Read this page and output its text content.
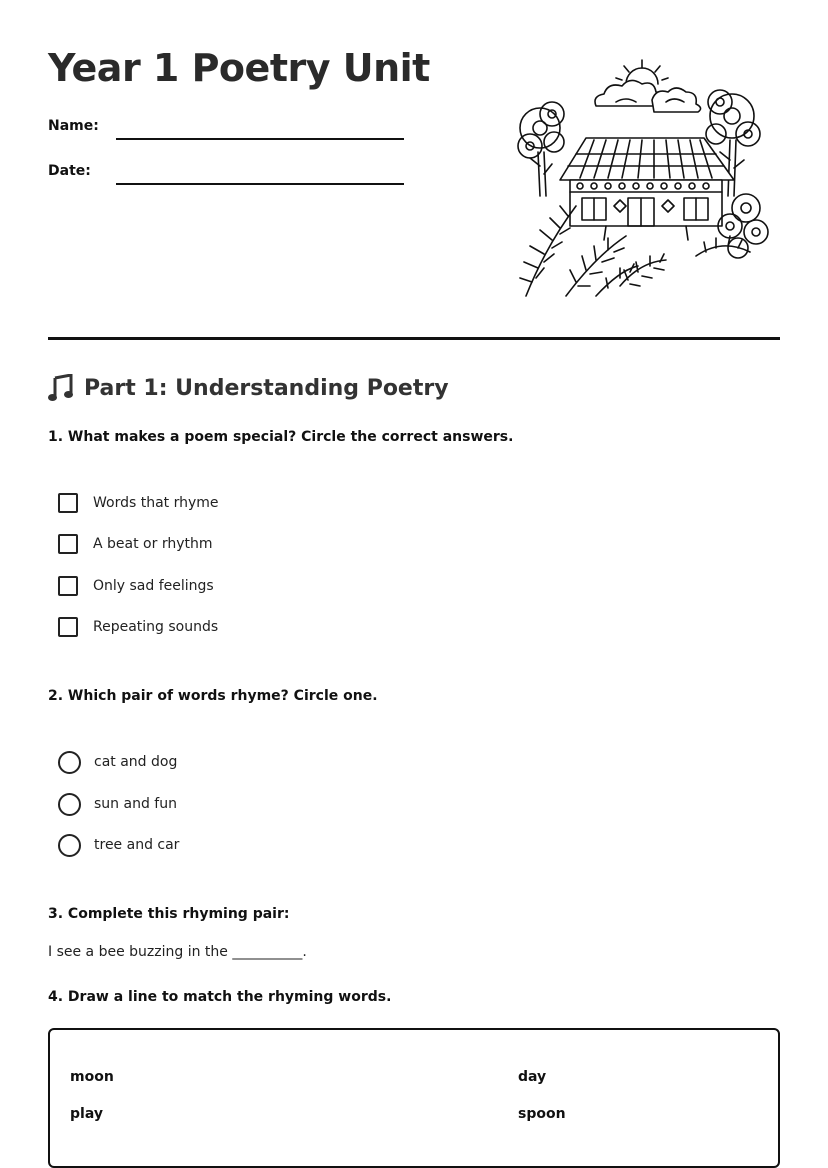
Year 1 Poetry Unit
Name:
Date:
Part 1: Understanding Poetry
1. What makes a poem special? Circle the correct answers.
Words that rhyme
A beat or rhythm
Only sad feelings
Repeating sounds
2. Which pair of words rhyme? Circle one.
cat and dog
sun and fun
tree and car
3. Complete this rhyming pair:
I see a bee buzzing in the __________.
4. Draw a line to match the rhyming words.
moon
play
day
spoon
